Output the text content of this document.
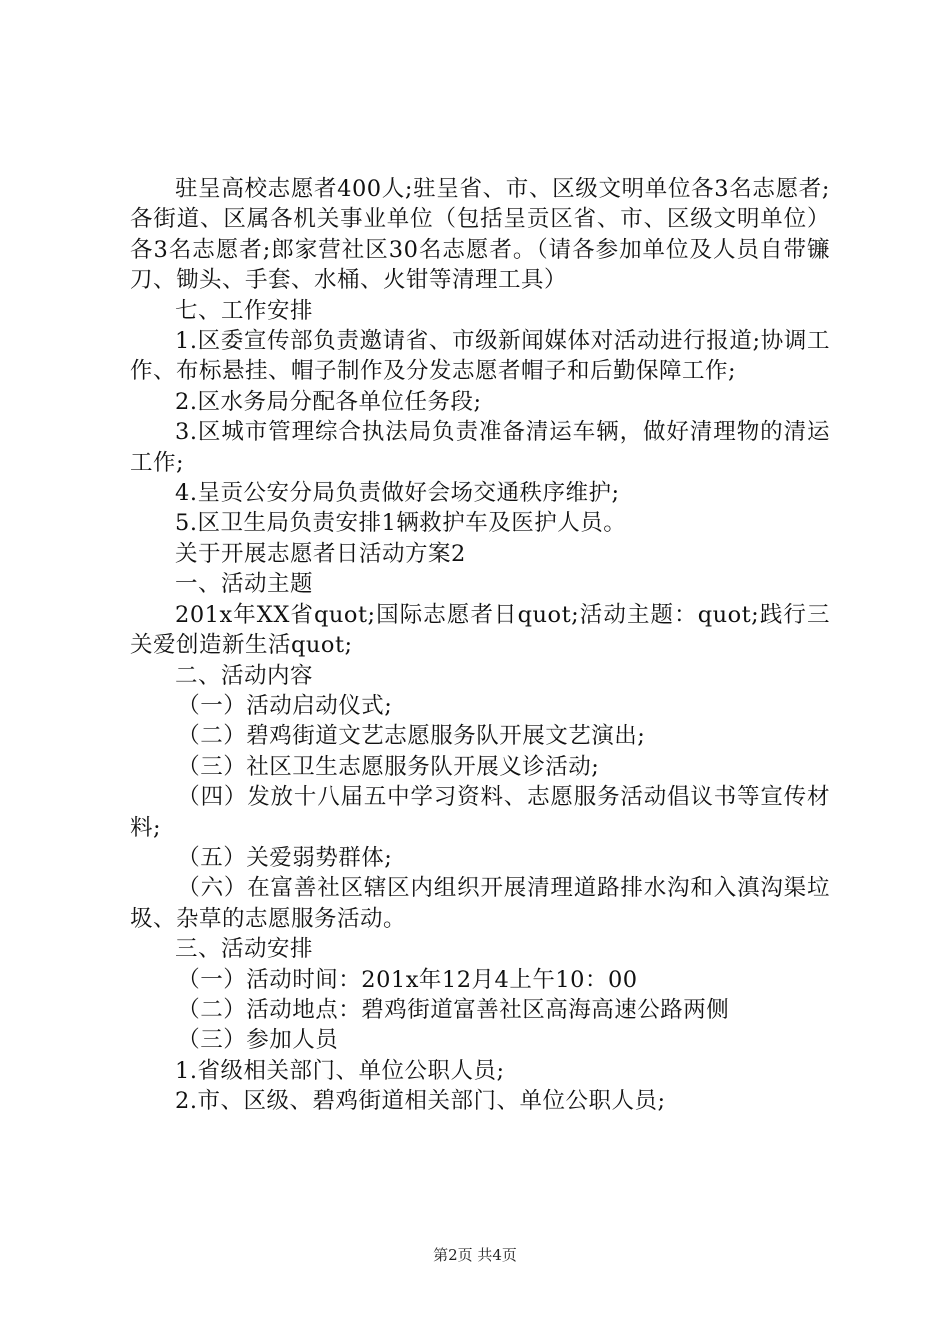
驻呈高校志愿者400人;驻呈省、市、区级文明单位各3名志愿者;各街道、区属各机关事业单位（包括呈贡区省、市、区级文明单位）各3名志愿者;郎家营社区30名志愿者。（请各参加单位及人员自带镰刀、锄头、手套、水桶、火钳等清理工具）

七、工作安排

1.区委宣传部负责邀请省、市级新闻媒体对活动进行报道;协调工作、布标悬挂、帽子制作及分发志愿者帽子和后勤保障工作;

2.区水务局分配各单位任务段;

3.区城市管理综合执法局负责准备清运车辆，做好清理物的清运工作;

4.呈贡公安分局负责做好会场交通秩序维护;

5.区卫生局负责安排1辆救护车及医护人员。

关于开展志愿者日活动方案2

一、活动主题

201x年XX省quot;国际志愿者日quot;活动主题：quot;践行三关爱创造新生活quot;

二、活动内容

（一）活动启动仪式;

（二）碧鸡街道文艺志愿服务队开展文艺演出;

（三）社区卫生志愿服务队开展义诊活动;

（四）发放十八届五中学习资料、志愿服务活动倡议书等宣传材料;

（五）关爱弱势群体;

（六）在富善社区辖区内组织开展清理道路排水沟和入滇沟渠垃圾、杂草的志愿服务活动。

三、活动安排

（一）活动时间：201x年12月4上午10：00

（二）活动地点：碧鸡街道富善社区高海高速公路两侧

（三）参加人员

1.省级相关部门、单位公职人员;

2.市、区级、碧鸡街道相关部门、单位公职人员;

第2页 共4页
